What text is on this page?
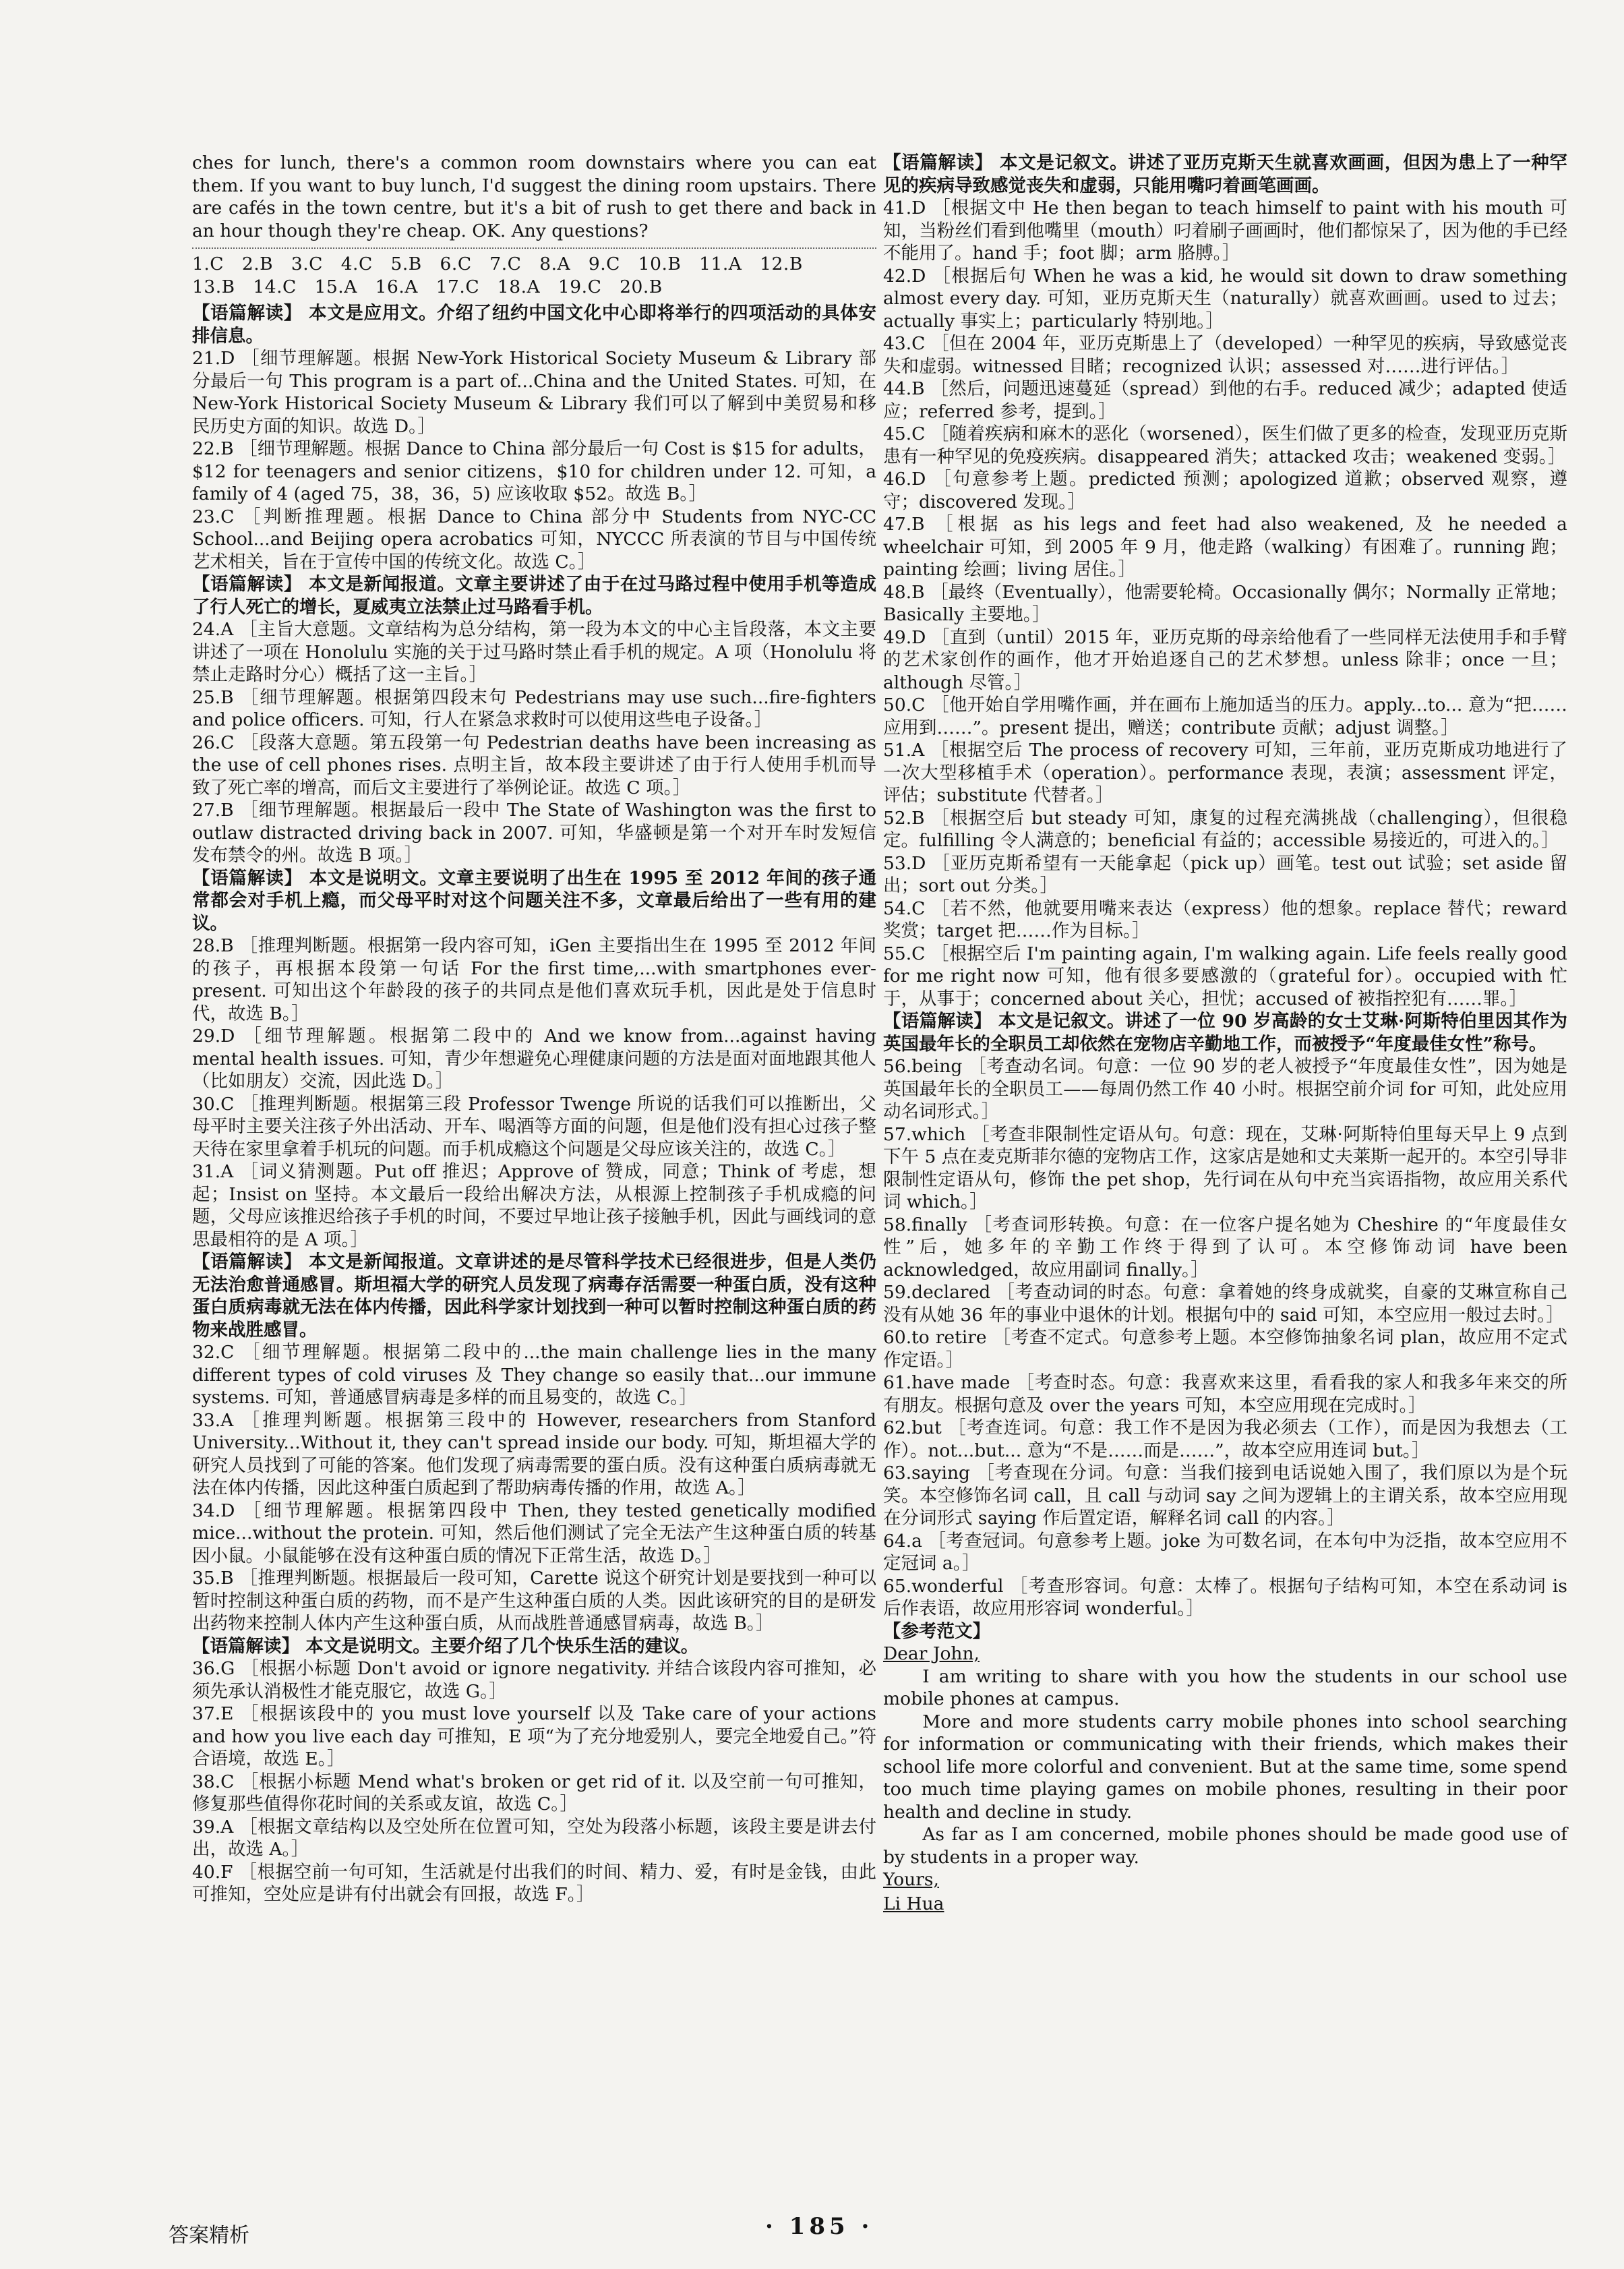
ches for lunch, there's a common room downstairs where you can eat them. If you want to buy lunch, I'd suggest the dining room upstairs. There are cafés in the town centre, but it's a bit of rush to get there and back in an hour though they're cheap. OK. Any questions?

1.C   2.B   3.C   4.C   5.B   6.C   7.C   8.A   9.C   10.B   11.A   12.B
13.B   14.C   15.A   16.A   17.C   18.A   19.C   20.B

【语篇解读】 本文是应用文。介绍了纽约中国文化中心即将举行的四项活动的具体安排信息。

21.D ［细节理解题。根据 New-York Historical Society Museum & Library 部分最后一句 This program is a part of...China and the United States. 可知，在 New-York Historical Society Museum & Library 我们可以了解到中美贸易和移民历史方面的知识。故选 D。］

22.B ［细节理解题。根据 Dance to China 部分最后一句 Cost is $15 for adults，$12 for teenagers and senior citizens，$10 for children under 12. 可知，a family of 4 (aged 75，38，36，5) 应该收取 $52。故选 B。］

23.C ［判断推理题。根据 Dance to China 部分中 Students from NYC-CC School...and Beijing opera acrobatics 可知，NYCCC 所表演的节目与中国传统艺术相关，旨在于宣传中国的传统文化。故选 C。］

【语篇解读】 本文是新闻报道。文章主要讲述了由于在过马路过程中使用手机等造成了行人死亡的增长，夏威夷立法禁止过马路看手机。

24.A ［主旨大意题。文章结构为总分结构，第一段为本文的中心主旨段落，本文主要讲述了一项在 Honolulu 实施的关于过马路时禁止看手机的规定。A 项（Honolulu 将禁止走路时分心）概括了这一主旨。］

25.B ［细节理解题。根据第四段末句 Pedestrians may use such...fire-fighters and police officers. 可知，行人在紧急求救时可以使用这些电子设备。］

26.C ［段落大意题。第五段第一句 Pedestrian deaths have been increasing as the use of cell phones rises. 点明主旨，故本段主要讲述了由于行人使用手机而导致了死亡率的增高，而后文主要进行了举例论证。故选 C 项。］

27.B ［细节理解题。根据最后一段中 The State of Washington was the first to outlaw distracted driving back in 2007. 可知，华盛顿是第一个对开车时发短信发布禁令的州。故选 B 项。］

【语篇解读】 本文是说明文。文章主要说明了出生在 1995 至 2012 年间的孩子通常都会对手机上瘾，而父母平时对这个问题关注不多，文章最后给出了一些有用的建议。

28.B ［推理判断题。根据第一段内容可知，iGen 主要指出生在 1995 至 2012 年间的孩子，再根据本段第一句话 For the first time,...with smartphones ever-present. 可知出这个年龄段的孩子的共同点是他们喜欢玩手机，因此是处于信息时代，故选 B。］

29.D ［细节理解题。根据第二段中的 And we know from...against having mental health issues. 可知，青少年想避免心理健康问题的方法是面对面地跟其他人（比如朋友）交流，因此选 D。］

30.C ［推理判断题。根据第三段 Professor Twenge 所说的话我们可以推断出，父母平时主要关注孩子外出活动、开车、喝酒等方面的问题，但是他们没有担心过孩子整天待在家里拿着手机玩的问题。而手机成瘾这个问题是父母应该关注的，故选 C。］

31.A ［词义猜测题。Put off 推迟；Approve of 赞成，同意；Think of 考虑，想起；Insist on 坚持。本文最后一段给出解决方法，从根源上控制孩子手机成瘾的问题，父母应该推迟给孩子手机的时间，不要过早地让孩子接触手机，因此与画线词的意思最相符的是 A 项。］

【语篇解读】 本文是新闻报道。文章讲述的是尽管科学技术已经很进步，但是人类仍无法治愈普通感冒。斯坦福大学的研究人员发现了病毒存活需要一种蛋白质，没有这种蛋白质病毒就无法在体内传播，因此科学家计划找到一种可以暂时控制这种蛋白质的药物来战胜感冒。

32.C ［细节理解题。根据第二段中的...the main challenge lies in the many different types of cold viruses 及 They change so easily that...our immune systems. 可知，普通感冒病毒是多样的而且易变的，故选 C。］

33.A ［推理判断题。根据第三段中的 However, researchers from Stanford University...Without it, they can't spread inside our body. 可知，斯坦福大学的研究人员找到了可能的答案。他们发现了病毒需要的蛋白质。没有这种蛋白质病毒就无法在体内传播，因此这种蛋白质起到了帮助病毒传播的作用，故选 A。］

34.D ［细节理解题。根据第四段中 Then, they tested genetically modified mice...without the protein. 可知，然后他们测试了完全无法产生这种蛋白质的转基因小鼠。小鼠能够在没有这种蛋白质的情况下正常生活，故选 D。］

35.B ［推理判断题。根据最后一段可知，Carette 说这个研究计划是要找到一种可以暂时控制这种蛋白质的药物，而不是产生这种蛋白质的人类。因此该研究的目的是研发出药物来控制人体内产生这种蛋白质，从而战胜普通感冒病毒，故选 B。］

【语篇解读】 本文是说明文。主要介绍了几个快乐生活的建议。

36.G ［根据小标题 Don't avoid or ignore negativity. 并结合该段内容可推知，必须先承认消极性才能克服它，故选 G。］

37.E ［根据该段中的 you must love yourself 以及 Take care of your actions and how you live each day 可推知，E 项“为了充分地爱别人，要完全地爱自己。”符合语境，故选 E。］

38.C ［根据小标题 Mend what's broken or get rid of it. 以及空前一句可推知，修复那些值得你花时间的关系或友谊，故选 C。］

39.A ［根据文章结构以及空处所在位置可知，空处为段落小标题，该段主要是讲去付出，故选 A。］

40.F ［根据空前一句可知，生活就是付出我们的时间、精力、爱，有时是金钱，由此可推知，空处应是讲有付出就会有回报，故选 F。］

【语篇解读】 本文是记叙文。讲述了亚历克斯天生就喜欢画画，但因为患上了一种罕见的疾病导致感觉丧失和虚弱，只能用嘴叼着画笔画画。

41.D ［根据文中 He then began to teach himself to paint with his mouth 可知，当粉丝们看到他嘴里（mouth）叼着刷子画画时，他们都惊呆了，因为他的手已经不能用了。hand 手；foot 脚；arm 胳膊。］

42.D ［根据后句 When he was a kid, he would sit down to draw something almost every day. 可知，亚历克斯天生（naturally）就喜欢画画。used to 过去；actually 事实上；particularly 特别地。］

43.C ［但在 2004 年，亚历克斯患上了（developed）一种罕见的疾病，导致感觉丧失和虚弱。witnessed 目睹；recognized 认识；assessed 对……进行评估。］

44.B ［然后，问题迅速蔓延（spread）到他的右手。reduced 减少；adapted 使适应；referred 参考，提到。］

45.C ［随着疾病和麻木的恶化（worsened），医生们做了更多的检查，发现亚历克斯患有一种罕见的免疫疾病。disappeared 消失；attacked 攻击；weakened 变弱。］

46.D ［句意参考上题。predicted 预测；apologized 道歉；observed 观察，遵守；discovered 发现。］

47.B ［根据 as his legs and feet had also weakened, 及 he needed a wheelchair 可知，到 2005 年 9 月，他走路（walking）有困难了。running 跑；painting 绘画；living 居住。］

48.B ［最终（Eventually），他需要轮椅。Occasionally 偶尔；Normally 正常地；Basically 主要地。］

49.D ［直到（until）2015 年，亚历克斯的母亲给他看了一些同样无法使用手和手臂的艺术家创作的画作，他才开始追逐自己的艺术梦想。unless 除非；once 一旦；although 尽管。］

50.C ［他开始自学用嘴作画，并在画布上施加适当的压力。apply...to... 意为“把……应用到……”。present 提出，赠送；contribute 贡献；adjust 调整。］

51.A ［根据空后 The process of recovery 可知，三年前，亚历克斯成功地进行了一次大型移植手术（operation）。performance 表现，表演；assessment 评定，评估；substitute 代替者。］

52.B ［根据空后 but steady 可知，康复的过程充满挑战（challenging），但很稳定。fulfilling 令人满意的；beneficial 有益的；accessible 易接近的，可进入的。］

53.D ［亚历克斯希望有一天能拿起（pick up）画笔。test out 试验；set aside 留出；sort out 分类。］

54.C ［若不然，他就要用嘴来表达（express）他的想象。replace 替代；reward 奖赏；target 把……作为目标。］

55.C ［根据空后 I'm painting again, I'm walking again. Life feels really good for me right now 可知，他有很多要感激的（grateful for）。occupied with 忙于，从事于；concerned about 关心，担忧；accused of 被指控犯有……罪。］

【语篇解读】 本文是记叙文。讲述了一位 90 岁高龄的女士艾琳·阿斯特伯里因其作为英国最年长的全职员工却依然在宠物店辛勤地工作，而被授予“年度最佳女性”称号。

56.being ［考查动名词。句意：一位 90 岁的老人被授予“年度最佳女性”，因为她是英国最年长的全职员工——每周仍然工作 40 小时。根据空前介词 for 可知，此处应用动名词形式。］

57.which ［考查非限制性定语从句。句意：现在，艾琳·阿斯特伯里每天早上 9 点到下午 5 点在麦克斯菲尔德的宠物店工作，这家店是她和丈夫莱斯一起开的。本空引导非限制性定语从句，修饰 the pet shop，先行词在从句中充当宾语指物，故应用关系代词 which。］

58.finally ［考查词形转换。句意：在一位客户提名她为 Cheshire 的“年度最佳女性”后，她多年的辛勤工作终于得到了认可。本空修饰动词 have been acknowledged，故应用副词 finally。］

59.declared ［考查动词的时态。句意：拿着她的终身成就奖，自豪的艾琳宣称自己没有从她 36 年的事业中退休的计划。根据句中的 said 可知，本空应用一般过去时。］

60.to retire ［考查不定式。句意参考上题。本空修饰抽象名词 plan，故应用不定式作定语。］

61.have made ［考查时态。句意：我喜欢来这里，看看我的家人和我多年来交的所有朋友。根据句意及 over the years 可知，本空应用现在完成时。］

62.but ［考查连词。句意：我工作不是因为我必须去（工作），而是因为我想去（工作）。not...but... 意为“不是……而是……”，故本空应用连词 but。］

63.saying ［考查现在分词。句意：当我们接到电话说她入围了，我们原以为是个玩笑。本空修饰名词 call，且 call 与动词 say 之间为逻辑上的主谓关系，故本空应用现在分词形式 saying 作后置定语，解释名词 call 的内容。］

64.a ［考查冠词。句意参考上题。joke 为可数名词，在本句中为泛指，故本空应用不定冠词 a。］

65.wonderful ［考查形容词。句意：太棒了。根据句子结构可知，本空在系动词 is 后作表语，故应用形容词 wonderful。］

【参考范文】

Dear John,

I am writing to share with you how the students in our school use mobile phones at campus.

More and more students carry mobile phones into school searching for information or communicating with their friends, which makes their school life more colorful and convenient. But at the same time, some spend too much time playing games on mobile phones, resulting in their poor health and decline in study.

As far as I am concerned, mobile phones should be made good use of by students in a proper way.

Yours,

Li Hua

答案精析	· 185 ·
